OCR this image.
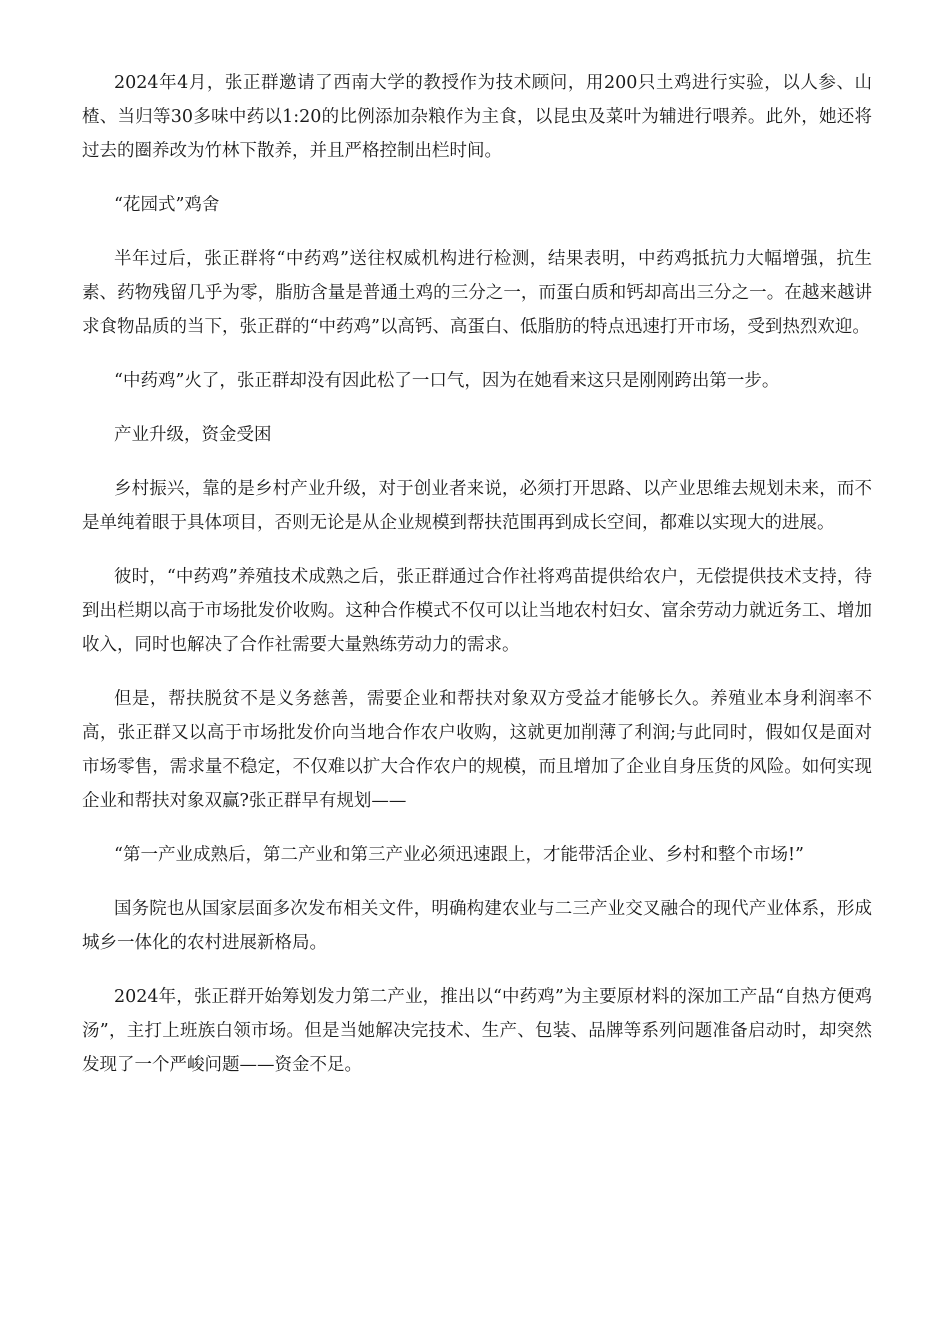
2024年4月，张正群邀请了西南大学的教授作为技术顾问，用200只土鸡进行实验，以人参、山楂、当归等30多味中药以1:20的比例添加杂粮作为主食，以昆虫及菜叶为辅进行喂养。此外，她还将过去的圈养改为竹林下散养，并且严格控制出栏时间。

“花园式”鸡舍

半年过后，张正群将“中药鸡”送往权威机构进行检测，结果表明，中药鸡抵抗力大幅增强，抗生素、药物残留几乎为零，脂肪含量是普通土鸡的三分之一，而蛋白质和钙却高出三分之一。在越来越讲求食物品质的当下，张正群的“中药鸡”以高钙、高蛋白、低脂肪的特点迅速打开市场，受到热烈欢迎。

“中药鸡”火了，张正群却没有因此松了一口气，因为在她看来这只是刚刚跨出第一步。

产业升级，资金受困

乡村振兴，靠的是乡村产业升级，对于创业者来说，必须打开思路、以产业思维去规划未来，而不是单纯着眼于具体项目，否则无论是从企业规模到帮扶范围再到成长空间，都难以实现大的进展。

彼时，“中药鸡”养殖技术成熟之后，张正群通过合作社将鸡苗提供给农户，无偿提供技术支持，待到出栏期以高于市场批发价收购。这种合作模式不仅可以让当地农村妇女、富余劳动力就近务工、增加收入，同时也解决了合作社需要大量熟练劳动力的需求。

但是，帮扶脱贫不是义务慈善，需要企业和帮扶对象双方受益才能够长久。养殖业本身利润率不高，张正群又以高于市场批发价向当地合作农户收购，这就更加削薄了利润;与此同时，假如仅是面对市场零售，需求量不稳定，不仅难以扩大合作农户的规模，而且增加了企业自身压货的风险。如何实现企业和帮扶对象双赢?张正群早有规划——

“第一产业成熟后，第二产业和第三产业必须迅速跟上，才能带活企业、乡村和整个市场!”

国务院也从国家层面多次发布相关文件，明确构建农业与二三产业交叉融合的现代产业体系，形成城乡一体化的农村进展新格局。

2024年，张正群开始筹划发力第二产业，推出以“中药鸡”为主要原材料的深加工产品“自热方便鸡汤”，主打上班族白领市场。但是当她解决完技术、生产、包装、品牌等系列问题准备启动时，却突然发现了一个严峻问题——资金不足。
